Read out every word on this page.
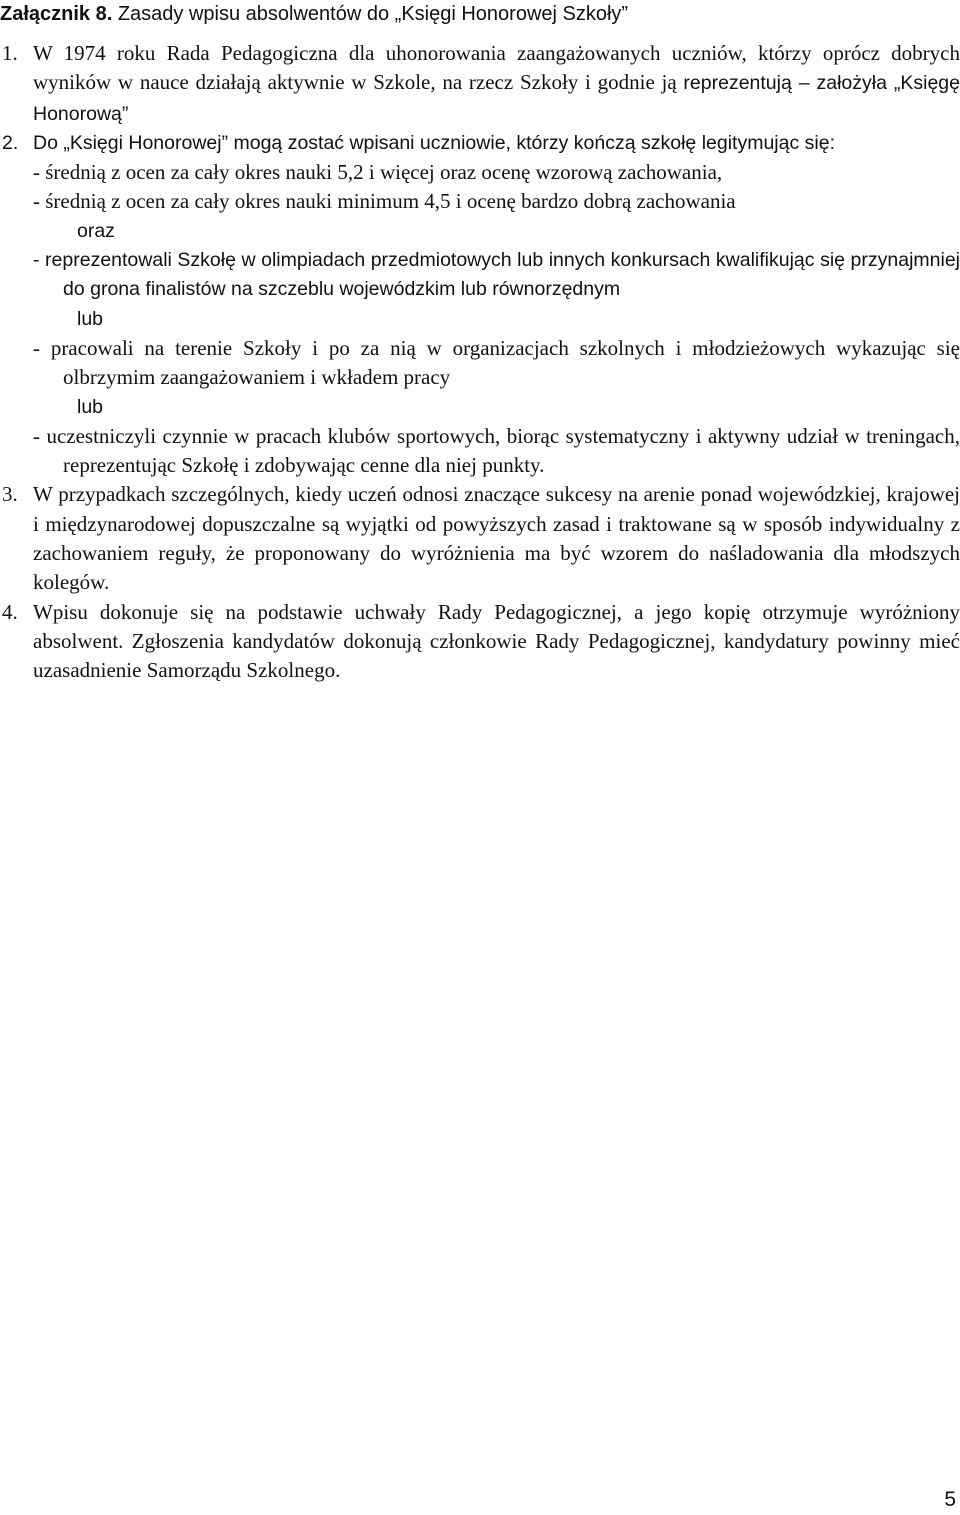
Załącznik 8. Zasady wpisu absolwentów do „Księgi Honorowej Szkoły”
1. W 1974 roku Rada Pedagogiczna dla uhonorowania zaangażowanych uczniów, którzy oprócz dobrych wyników w nauce działają aktywnie w Szkole, na rzecz Szkoły i godnie ją reprezentują – założyła „Księgę Honorową”
2. Do „Księgi Honorowej” mogą zostać wpisani uczniowie, którzy kończą szkołę legitymując się:
- średnią z ocen za cały okres nauki 5,2 i więcej oraz ocenę wzorową zachowania,
- średnią z ocen za cały okres nauki minimum 4,5 i ocenę bardzo dobrą zachowania
oraz
- reprezentowali Szkołę w olimpiadach przedmiotowych lub innych konkursach kwalifikując się przynajmniej do grona finalistów na szczeblu wojewódzkim lub równorzędnym
lub
- pracowali na terenie Szkoły i po za nią w organizacjach szkolnych i młodzieżowych wykazując się olbrzymim zaangażowaniem i wkładem pracy
lub
- uczestniczyli czynnie w pracach klubów sportowych, biorąc systematyczny i aktywny udział w treningach, reprezentując Szkołę i zdobywając cenne dla niej punkty.
3. W przypadkach szczególnych, kiedy uczeń odnosi znaczące sukcesy na arenie ponad wojewódzkiej, krajowej i międzynarodowej dopuszczalne są wyjątki od powyższych zasad i traktowane są w sposób indywidualny z zachowaniem reguły, że proponowany do wyróżnienia ma być wzorem do naśladowania dla młodszych kolegów.
4. Wpisu dokonuje się na podstawie uchwały Rady Pedagogicznej, a jego kopię otrzymuje wyróżniony absolwent. Zgłoszenia kandydatów dokonują członkowie Rady Pedagogicznej, kandydatury powinny mieć uzasadnienie Samorządu Szkolnego.
5
